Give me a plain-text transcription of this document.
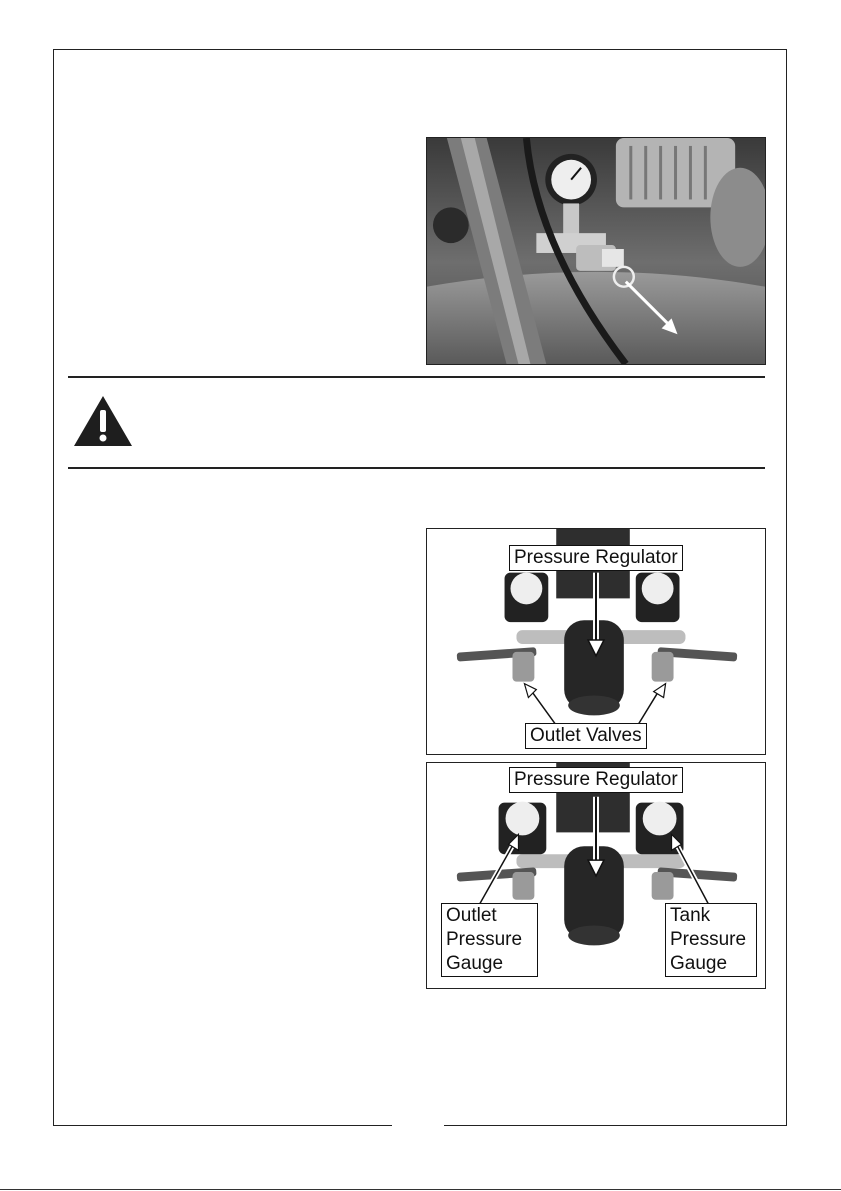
Pressure Regulator
Outlet Valves
Pressure Regulator
Outlet
Pressure
Gauge
Tank
Pressure
Gauge
